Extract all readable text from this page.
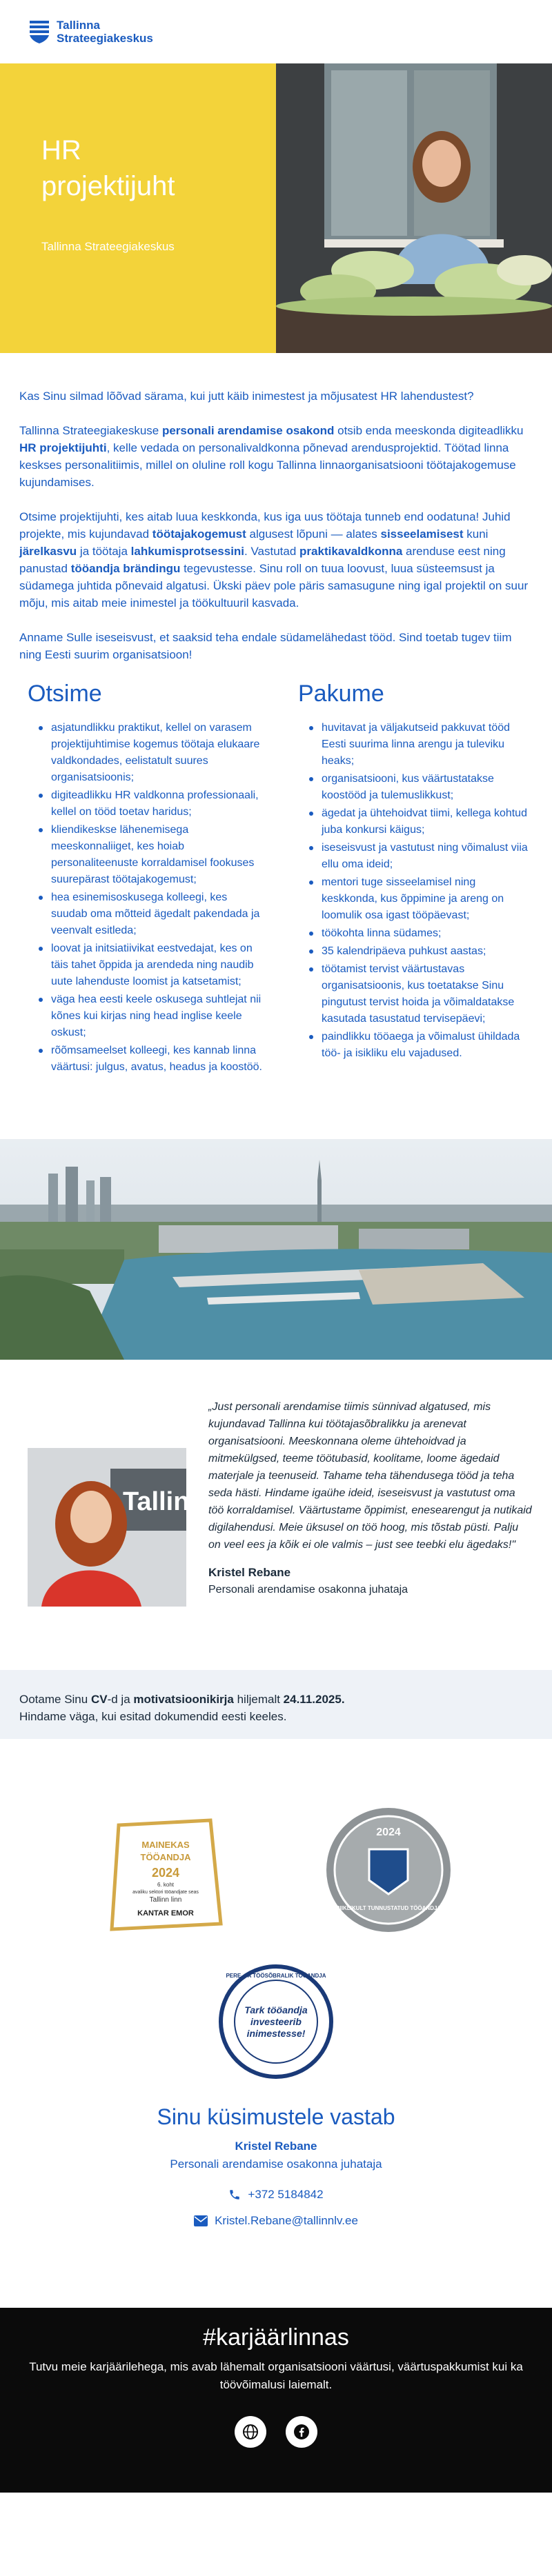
Tallinna
Strateegiakeskus
HR
projektijuht
Tallinna Strateegiakeskus

Kas Sinu silmad lõõvad särama, kui jutt käib inimestest ja mõjusatest HR lahendustest?

Tallinna Strateegiakeskuse personali arendamise osakond otsib enda meeskonda digiteadlikku HR projektijuhti, kelle vedada on personalivaldkonna põnevad arendusprojektid. Töötad linna keskses personalitiimis, millel on oluline roll kogu Tallinna linnaorganisatsiooni töötajakogemuse kujundamises.

Otsime projektijuhti, kes aitab luua keskkonda, kus iga uus töötaja tunneb end oodatuna! Juhid projekte, mis kujundavad töötajakogemust algusest lõpuni — alates sisseelamisest kuni järelkasvu ja töötaja lahkumisprotsessini. Vastutad praktikavaldkonna arenduse eest ning panustad tööandja brändingu tegevustesse. Sinu roll on tuua loovust, luua süsteemsust ja südamega juhtida põnevaid algatusi. Ükski päev pole päris samasugune ning igal projektil on suur mõju, mis aitab meie inimestel ja töökultuuril kasvada.

Anname Sulle iseseisvust, et saaksid teha endale südamelähedast tööd. Sind toetab tugev tiim ning Eesti suurim organisatsioon!

Otsime
asjatundlikku praktikut, kellel on varasem projektijuhtimise kogemus töötaja elukaare valdkondades, eelistatult suures organisatsioonis;
digiteadlikku HR valdkonna professionaali, kellel on tööd toetav haridus;
kliendikeskse lähenemisega meeskonnaliiget, kes hoiab personaliteenuste korraldamisel fookuses suurepärast töötajakogemust;
hea esinemisoskusega kolleegi, kes suudab oma mõtteid ägedalt pakendada ja veenvalt esitleda;
loovat ja initsiatiivikat eestvedajat, kes on täis tahet õppida ja arendeda ning naudib uute lahenduste loomist ja katsetamist;
väga hea eesti keele oskusega suhtlejat nii kõnes kui kirjas ning head inglise keele oskust;
rõõmsameelset kolleegi, kes kannab linna väärtusi: julgus, avatus, headus ja koostöö.
Pakume
huvitavat ja väljakutseid pakkuvat tööd Eesti suurima linna arengu ja tuleviku heaks;
organisatsiooni, kus väärtustatakse koostööd ja tulemuslikkust;
ägedat ja ühtehoidvat tiimi, kellega kohtud juba konkursi käigus;
iseseisvust ja vastutust ning võimalust viia ellu oma ideid;
mentori tuge sisseelamisel ning keskkonda, kus õppimine ja areng on loomulik osa igast tööpäevast;
töökohta linna südames;
35 kalendripäeva puhkust aastas;
töötamist tervist väärtustavas organisatsioonis, kus toetatakse Sinu pingutust tervist hoida ja võimaldatakse kasutada tasustatud tervisepäevi;
paindlikku tööaega ja võimalust ühildada töö- ja isikliku elu vajadused.
Tallinn

„Just personali arendamise tiimis sünnivad algatused, mis kujundavad Tallinna kui töötajasõbralikku ja arenevat organisatsiooni. Meeskonnana oleme ühtehoidvad ja mitmekülgsed, teeme töötubasid, koolitame, loome ägedaid materjale ja teenuseid. Tahame teha tähendusega tööd ja teha seda hästi. Hindame igaühe ideid, iseseisvust ja vastutust oma töö korraldamisel. Väärtustame õppimist, enesearengut ja nutikaid digilahendusi. Meie üksusel on töö hoog, mis tõstab püsti. Palju on veel ees ja kõik ei ole valmis – just see teebki elu ägedaks!"

Kristel Rebane
Personali arendamise osakonna juhataja
Ootame Sinu CV-d ja motivatsioonikirja hiljemalt 24.11.2025.
Hindame väga, kui esitad dokumendid eesti keeles.
MAINEKAS
TÖÖANDJA
2024
6. koht
avaliku sektori tööandjate seas
Tallinn linn
KANTAR EMOR
2024
RIIKLIKULT TUNNUSTATUD TÖÖANDJA
PERE- JA TÖÖSÕBRALIK TÖÖANDJA
Tark tööandja
investeerib
inimestesse!
Sinu küsimustele vastab
Kristel Rebane
Personali arendamise osakonna juhataja
+372 5184842
Kristel.Rebane@tallinnlv.ee
#karjäärlinnas

Tutvu meie karjäärilehega, mis avab lähemalt organisatsiooni väärtusi, väärtuspakkumist kui ka töövõimalusi laiemalt.
